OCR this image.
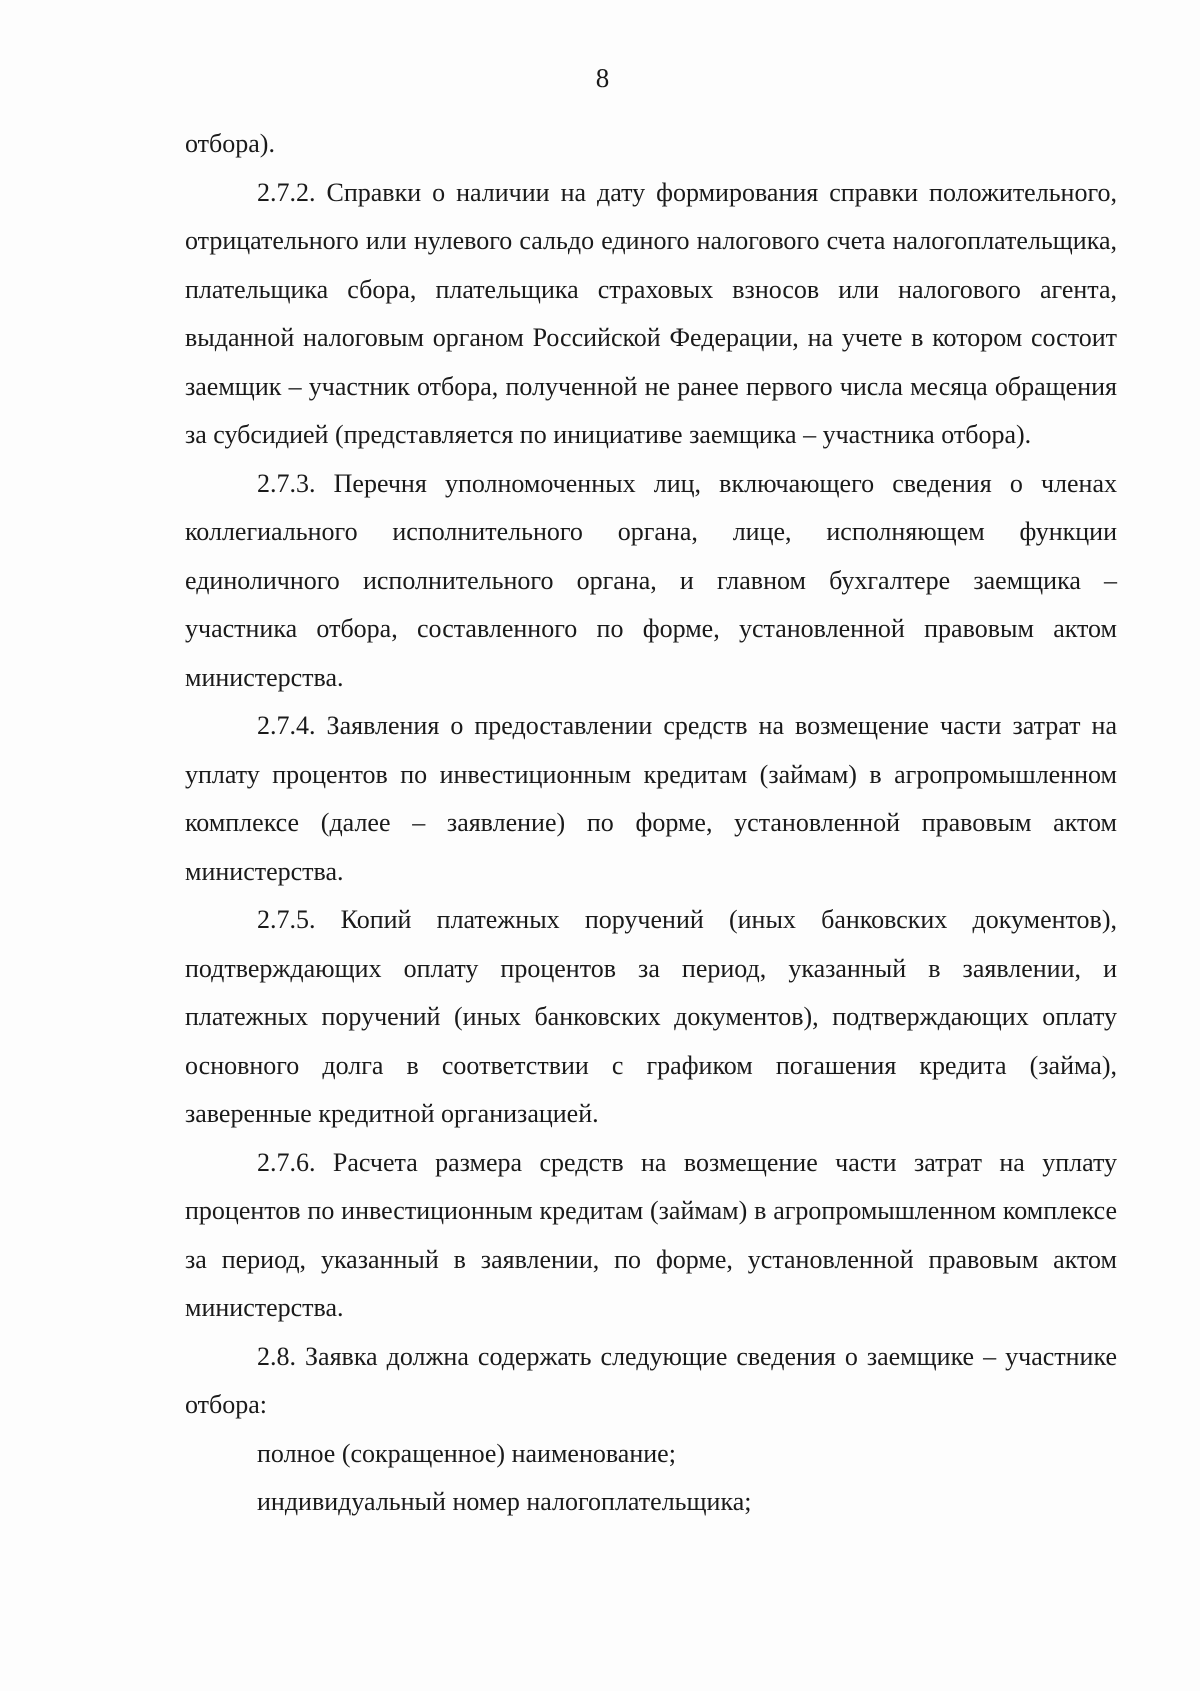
8

отбора).

2.7.2. Справки о наличии на дату формирования справки положительного, отрицательного или нулевого сальдо единого налогового счета налогоплательщика, плательщика сбора, плательщика страховых взносов или налогового агента, выданной налоговым органом Российской Федерации, на учете в котором состоит заемщик – участник отбора, полученной не ранее первого числа месяца обращения за субсидией (представляется по инициативе заемщика – участника отбора).

2.7.3. Перечня уполномоченных лиц, включающего сведения о членах коллегиального исполнительного органа, лице, исполняющем функции единоличного исполнительного органа, и главном бухгалтере заемщика – участника отбора, составленного по форме, установленной правовым актом министерства.

2.7.4. Заявления о предоставлении средств на возмещение части затрат на уплату процентов по инвестиционным кредитам (займам) в агропромышленном комплексе (далее – заявление) по форме, установленной правовым актом министерства.

2.7.5. Копий платежных поручений (иных банковских документов), подтверждающих оплату процентов за период, указанный в заявлении, и платежных поручений (иных банковских документов), подтверждающих оплату основного долга в соответствии с графиком погашения кредита (займа), заверенные кредитной организацией.

2.7.6. Расчета размера средств на возмещение части затрат на уплату процентов по инвестиционным кредитам (займам) в агропромышленном комплексе за период, указанный в заявлении, по форме, установленной правовым актом министерства.

2.8. Заявка должна содержать следующие сведения о заемщике – участнике отбора:

полное (сокращенное) наименование;

индивидуальный номер налогоплательщика;
